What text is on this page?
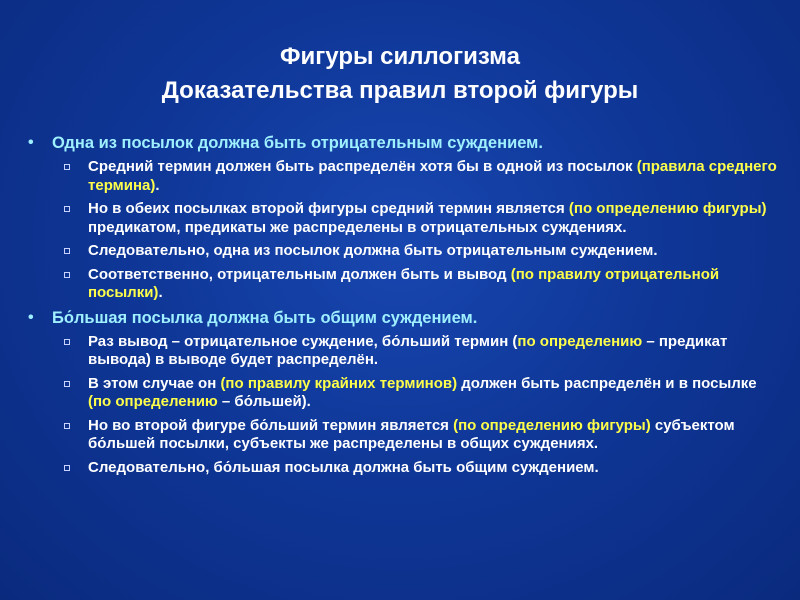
Фигуры силлогизма
Доказательства правил второй фигуры
• Одна из посылок должна быть отрицательным суждением.
Средний термин должен быть распределён хотя бы в одной из посылок (правила среднего термина).
Но в обеих посылках второй фигуры средний термин является (по определению фигуры) предикатом, предикаты же распределены в отрицательных суждениях.
Следовательно, одна из посылок должна быть отрицательным суждением.
Соответственно, отрицательным должен быть и вывод (по правилу отрицательной посылки).
• Бо́льшая посылка должна быть общим суждением.
Раз вывод – отрицательное суждение, бо́льший термин (по определению – предикат вывода) в выводе будет распределён.
В этом случае он (по правилу крайних терминов) должен быть распределён и в посылке (по определению – бо́льшей).
Но во второй фигуре бо́льший термин является (по определению фигуры) субъектом бо́льшей посылки, субъекты же распределены в общих суждениях.
Следовательно, бо́льшая посылка должна быть общим суждением.
